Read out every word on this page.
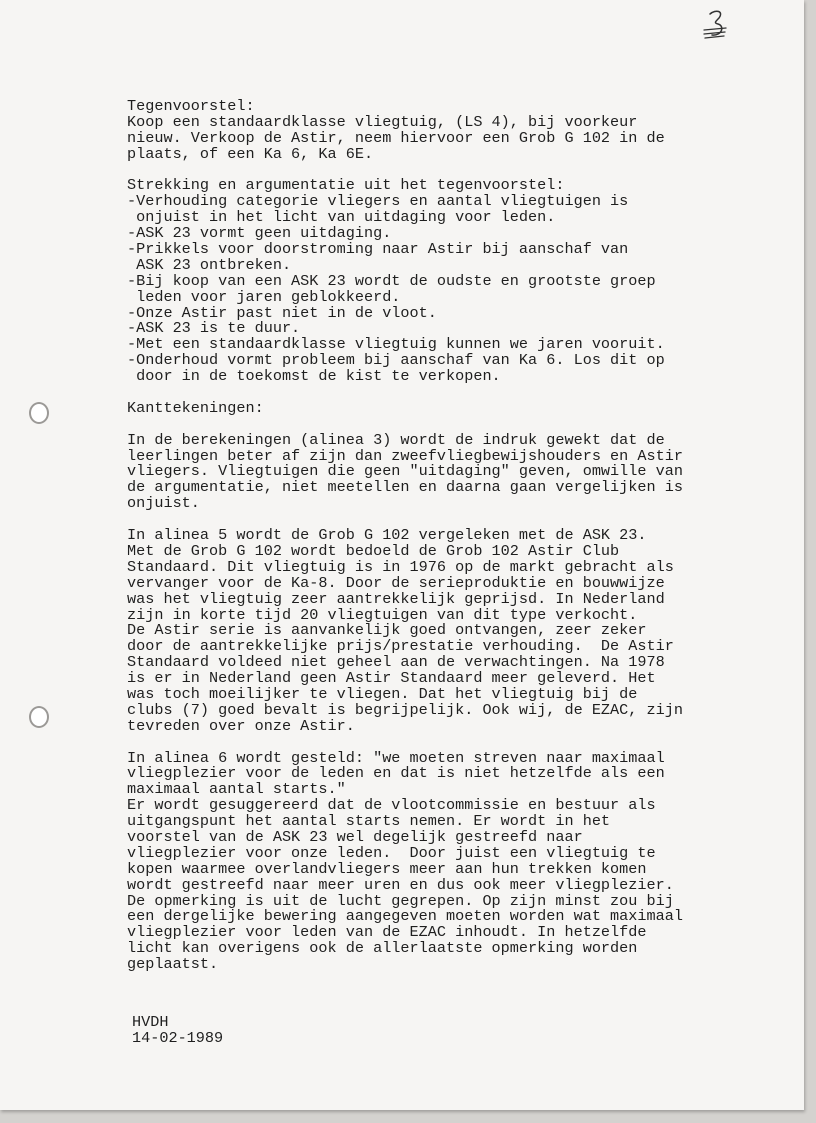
Tegenvoorstel:
Koop een standaardklasse vliegtuig, (LS 4), bij voorkeur
nieuw. Verkoop de Astir, neem hiervoor een Grob G 102 in de
plaats, of een Ka 6, Ka 6E.
Strekking en argumentatie uit het tegenvoorstel:
-Verhouding categorie vliegers en aantal vliegtuigen is
onjuist in het licht van uitdaging voor leden.
-ASK 23 vormt geen uitdaging.
-Prikkels voor doorstroming naar Astir bij aanschaf van
ASK 23 ontbreken.
-Bij koop van een ASK 23 wordt de oudste en grootste groep
leden voor jaren geblokkeerd.
-Onze Astir past niet in de vloot.
-ASK 23 is te duur.
-Met een standaardklasse vliegtuig kunnen we jaren vooruit.
-Onderhoud vormt probleem bij aanschaf van Ka 6. Los dit op
door in de toekomst de kist te verkopen.
Kanttekeningen:
In de berekeningen (alinea 3) wordt de indruk gewekt dat de
leerlingen beter af zijn dan zweefvliegbewijshouders en Astir
vliegers. Vliegtuigen die geen "uitdaging" geven, omwille van
de argumentatie, niet meetellen en daarna gaan vergelijken is
onjuist.
In alinea 5 wordt de Grob G 102 vergeleken met de ASK 23.
Met de Grob G 102 wordt bedoeld de Grob 102 Astir Club
Standaard. Dit vliegtuig is in 1976 op de markt gebracht als
vervanger voor de Ka-8. Door de serieproduktie en bouwwijze
was het vliegtuig zeer aantrekkelijk geprijsd. In Nederland
zijn in korte tijd 20 vliegtuigen van dit type verkocht.
De Astir serie is aanvankelijk goed ontvangen, zeer zeker
door de aantrekkelijke prijs/prestatie verhouding.  De Astir
Standaard voldeed niet geheel aan de verwachtingen. Na 1978
is er in Nederland geen Astir Standaard meer geleverd. Het
was toch moeilijker te vliegen. Dat het vliegtuig bij de
clubs (7) goed bevalt is begrijpelijk. Ook wij, de EZAC, zijn
tevreden over onze Astir.
In alinea 6 wordt gesteld: "we moeten streven naar maximaal
vliegplezier voor de leden en dat is niet hetzelfde als een
maximaal aantal starts."
Er wordt gesuggereerd dat de vlootcommissie en bestuur als
uitgangspunt het aantal starts nemen. Er wordt in het
voorstel van de ASK 23 wel degelijk gestreefd naar
vliegplezier voor onze leden.  Door juist een vliegtuig te
kopen waarmee overlandvliegers meer aan hun trekken komen
wordt gestreefd naar meer uren en dus ook meer vliegplezier.
De opmerking is uit de lucht gegrepen. Op zijn minst zou bij
een dergelijke bewering aangegeven moeten worden wat maximaal
vliegplezier voor leden van de EZAC inhoudt. In hetzelfde
licht kan overigens ook de allerlaatste opmerking worden
geplaatst.
HVDH
14-02-1989
